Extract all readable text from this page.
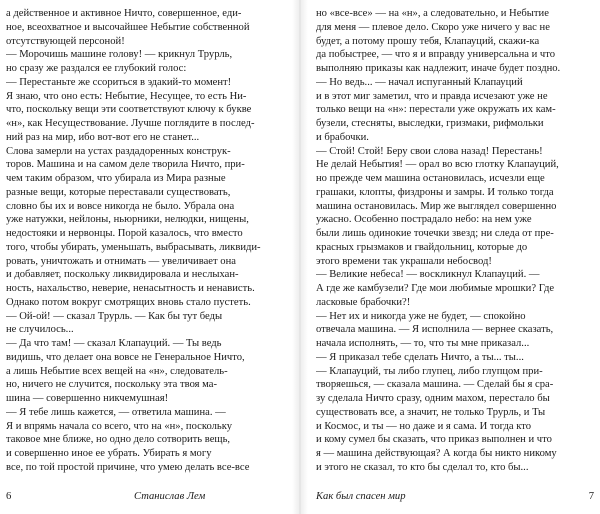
а действенное и активное Ничто, совершенное, еди-
ное, всеохватное и высочайшее Небытие собственной
отсутствующей персоной!
— Морочишь машине голову! — крикнул Трурль,
но сразу же раздался ее глубокий голос:
— Перестаньте же ссориться в эдакий-то момент!
Я знаю, что оно есть: Небытие, Несущее, то есть Ни-
что, поскольку вещи эти соответствуют ключу к букве
«н», как Несуществование. Лучше поглядите в послед-
ний раз на мир, ибо вот-вот его не станет...
Слова замерли на устах раздадоренных конструк-
торов. Машина и на самом деле творила Ничто, при-
чем таким образом, что убирала из Мира разные
разные вещи, которые переставали существовать,
словно бы их и вовсе никогда не было. Убрала она
уже натужки, нейлоны, ньюрники, нелюдки, нищены,
недостояки и нервонцы. Порой казалось, что вместо
того, чтобы убирать, уменьшать, выбрасывать, ликвиди-
ровать, уничтожать и отнимать — увеличивает она
и добавляет, поскольку ликвидировала и неслыхан-
ность, нахальство, неверие, ненасытность и ненависть.
Однако потом вокруг смотрящих вновь стало пустеть.
— Ой-ой! — сказал Трурль. — Как бы тут беды
не случилось...
— Да что там! — сказал Клапауций. — Ты ведь
видишь, что делает она вовсе не Генеральное Ничто,
а лишь Небытие всех вещей на «н», следователь-
но, ничего не случится, поскольку эта твоя ма-
шина — совершенно никчемушная!
— Я тебе лишь кажется, — ответила машина. —
Я и впрямь начала со всего, что на «н», поскольку
таковое мне ближе, но одно дело сотворить вещь,
и совершенно иное ее убрать. Убирать я могу
все, по той простой причине, что умею делать все-все
6	Станислав Лем
но «все-все» — на «н», а следовательно, и Небытие
для меня — плевое дело. Скоро уже ничего у вас не
будет, а потому прошу тебя, Клапауций, скажи-ка
да побыстрее, — что я и вправду универсальна и что
выполняю приказы как надлежит, иначе будет поздно.
— Но ведь... — начал испуганный Клапауций
и в этот миг заметил, что и правда исчезают уже не
только вещи на «н»: перестали уже окружать их кам-
бузели, стесняты, выследки, гризмаки, рифмольки
и брабочки.
— Стой! Стой! Беру свои слова назад! Перестань!
Не делай Небытия! — орал во всю глотку Клапауций,
но прежде чем машина остановилась, исчезли еще
грашаки, клопты, физдроны и замры. И только тогда
машина остановилась. Мир же выглядел совершенно
ужасно. Особенно пострадало небо: на нем уже
были лишь одинокие точечки звезд; ни следа от пре-
красных грызмаков и гвайдольниц, которые до
этого времени так украшали небосвод!
— Великие небеса! — воскликнул Клапауций. —
А где же камбузели? Где мои любимые мрошки? Где
ласковые брабочки?!
— Нет их и никогда уже не будет, — спокойно
отвечала машина. — Я исполнила — вернее сказать,
начала исполнять, — то, что ты мне приказал...
— Я приказал тебе сделать Ничто, а ты... ты...
— Клапауций, ты либо глупец, либо глупцом при-
творяешься, — сказала машина. — Сделай бы я сра-
зу сделала Ничто сразу, одним махом, перестало бы
существовать все, а значит, не только Трурль, и Ты
и Космос, и ты — но даже и я сама. И тогда кто
и кому сумел бы сказать, что приказ выполнен и что
я — машина действующая? А когда бы никто никому
и этого не сказал, то кто бы сделал то, кто бы...
Как был спасен мир	7
